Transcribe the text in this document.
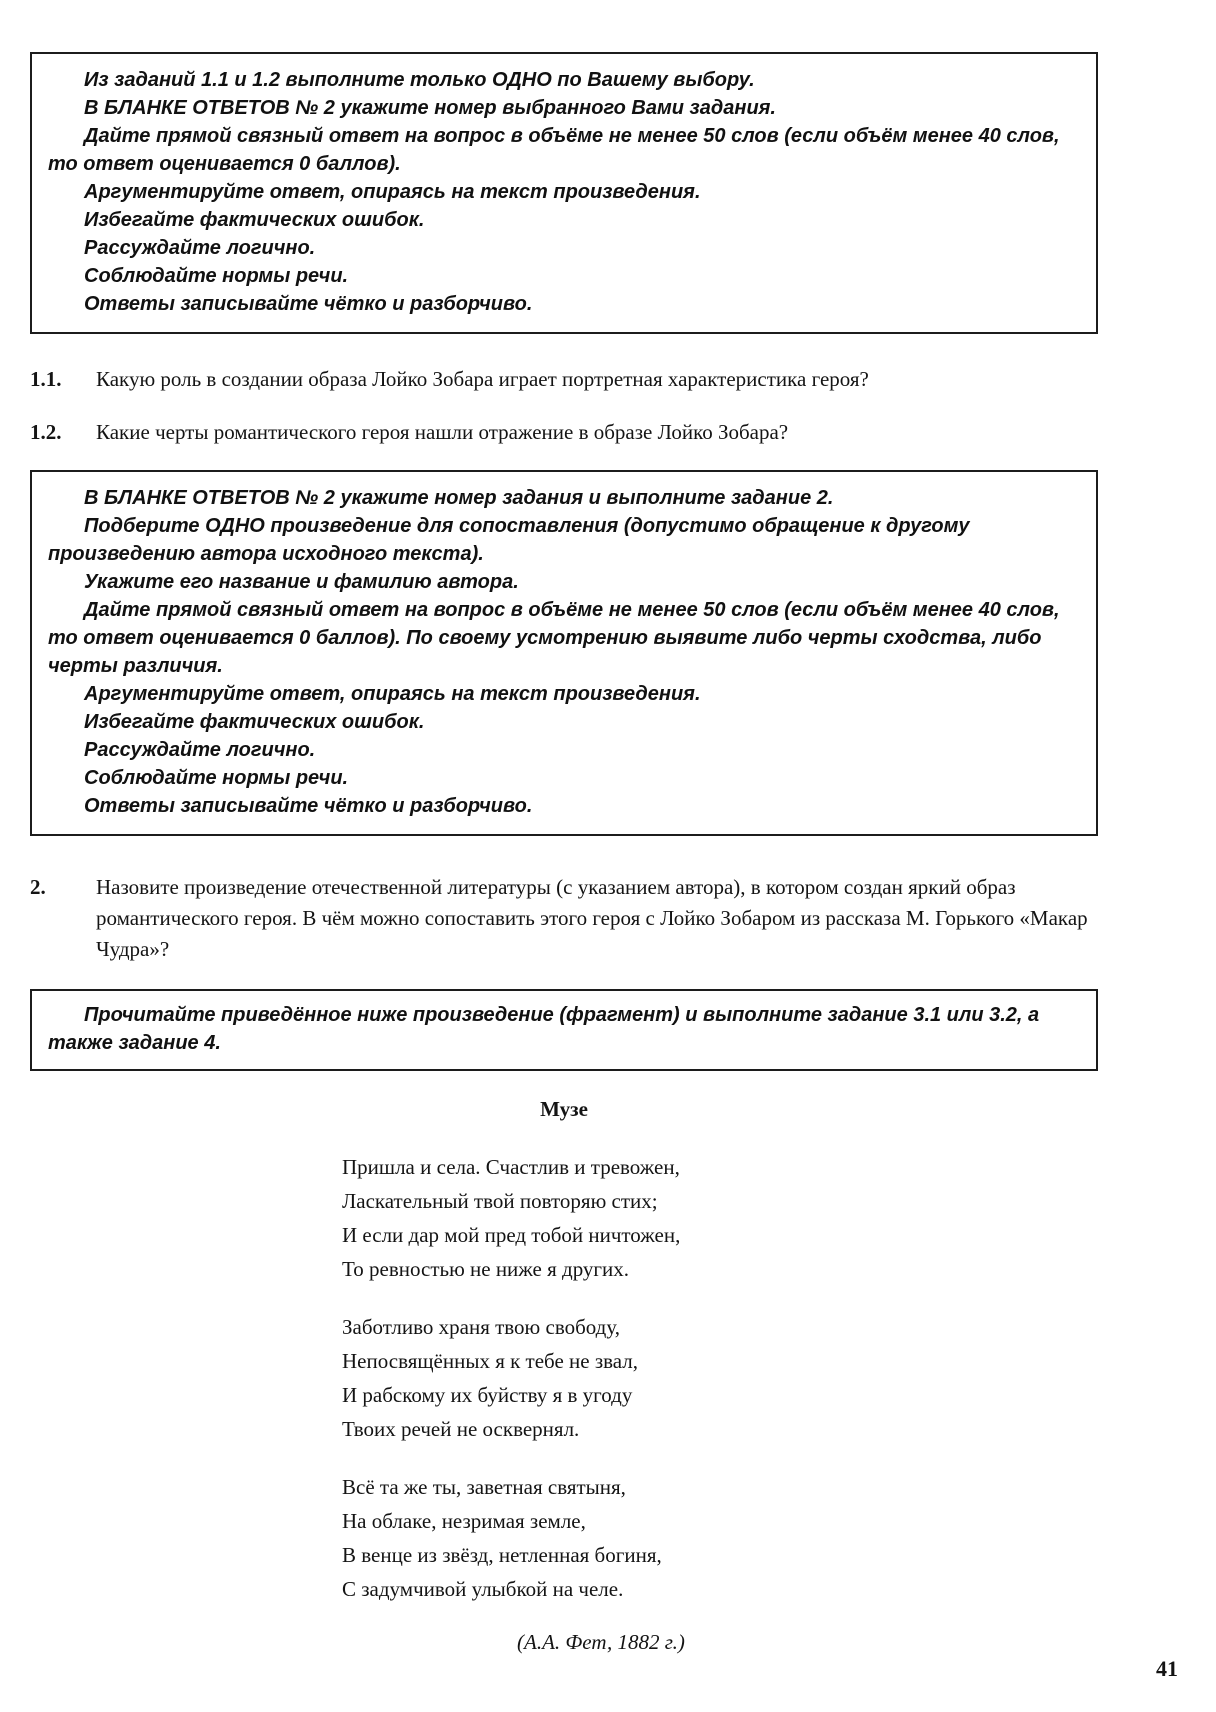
Из заданий 1.1 и 1.2 выполните только ОДНО по Вашему выбору.

В БЛАНКЕ ОТВЕТОВ № 2 укажите номер выбранного Вами задания.

Дайте прямой связный ответ на вопрос в объёме не менее 50 слов (если объём менее 40 слов, то ответ оценивается 0 баллов).

Аргументируйте ответ, опираясь на текст произведения.

Избегайте фактических ошибок.

Рассуждайте логично.

Соблюдайте нормы речи.

Ответы записывайте чётко и разборчиво.

1.1.	Какую роль в создании образа Лойко Зобара играет портретная характеристика героя?
1.2.	Какие черты романтического героя нашли отражение в образе Лойко Зобара?

В БЛАНКЕ ОТВЕТОВ № 2 укажите номер задания и выполните задание 2.

Подберите ОДНО произведение для сопоставления (допустимо обращение к другому произведению автора исходного текста).

Укажите его название и фамилию автора.

Дайте прямой связный ответ на вопрос в объёме не менее 50 слов (если объём менее 40 слов, то ответ оценивается 0 баллов). По своему усмотрению выявите либо черты сходства, либо черты различия.

Аргументируйте ответ, опираясь на текст произведения.

Избегайте фактических ошибок.

Рассуждайте логично.

Соблюдайте нормы речи.

Ответы записывайте чётко и разборчиво.

2.	Назовите произведение отечественной литературы (с указанием автора), в котором создан яркий образ романтического героя. В чём можно сопоставить этого героя с Лойко Зобаром из рассказа М. Горького «Макар Чудра»?

Прочитайте приведённое ниже произведение (фрагмент) и выполните задание 3.1 или 3.2, а также задание 4.

Музе

Пришла и села. Счастлив и тревожен,

Ласкательный твой повторяю стих;

И если дар мой пред тобой ничтожен,

То ревностью не ниже я других.

Заботливо храня твою свободу,

Непосвящённых я к тебе не звал,

И рабскому их буйству я в угоду

Твоих речей не осквернял.

Всё та же ты, заветная святыня,

На облаке, незримая земле,

В венце из звёзд, нетленная богиня,

С задумчивой улыбкой на челе.

(А.А. Фет, 1882 г.)
41
